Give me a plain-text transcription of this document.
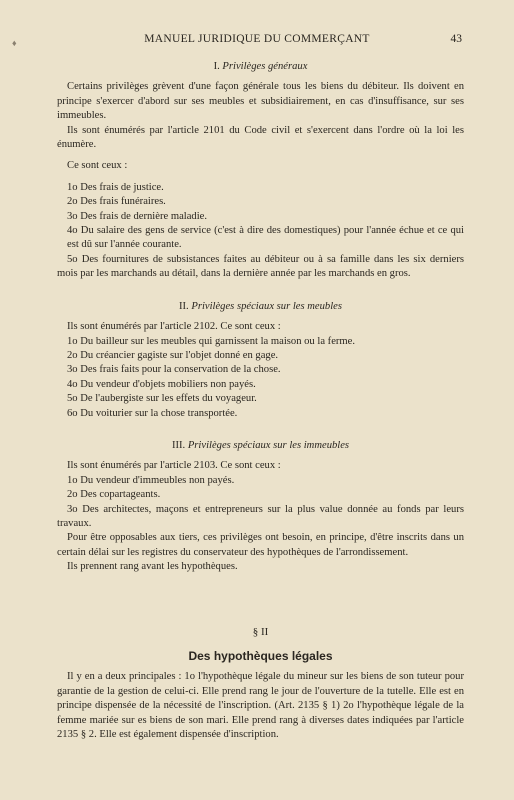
♦	MANUEL JURIDIQUE DU COMMERÇANT	43
I. Privilèges généraux

Certains privilèges grèvent d'une façon générale tous les biens du débiteur. Ils doivent en principe s'exercer d'abord sur ses meubles et subsidiairement, en cas d'insuffisance, sur ses immeubles.

Ils sont énumérés par l'article 2101 du Code civil et s'exercent dans l'ordre où la loi les énumère.

Ce sont ceux :

1o Des frais de justice.

2o Des frais funéraires.

3o Des frais de dernière maladie.

4o Du salaire des gens de service (c'est à dire des domestiques) pour l'année échue et ce qui est dû sur l'année courante.

5o Des fournitures de subsistances faites au débiteur ou à sa famille dans les six derniers mois par les marchands au détail, dans la dernière année par les marchands en gros.

II. Privilèges spéciaux sur les meubles

Ils sont énumérés par l'article 2102. Ce sont ceux :

1o Du bailleur sur les meubles qui garnissent la maison ou la ferme.

2o Du créancier gagiste sur l'objet donné en gage.

3o Des frais faits pour la conservation de la chose.

4o Du vendeur d'objets mobiliers non payés.

5o De l'aubergiste sur les effets du voyageur.

6o Du voiturier sur la chose transportée.

III. Privilèges spéciaux sur les immeubles

Ils sont énumérés par l'article 2103. Ce sont ceux :

1o Du vendeur d'immeubles non payés.

2o Des copartageants.

3o Des architectes, maçons et entrepreneurs sur la plus value donnée au fonds par leurs travaux.

Pour être opposables aux tiers, ces privilèges ont besoin, en principe, d'être inscrits dans un certain délai sur les registres du conservateur des hypothèques de l'arrondissement.

Ils prennent rang avant les hypothèques.

§ II

Des hypothèques légales

Il y en a deux principales : 1o l'hypothèque légale du mineur sur les biens de son tuteur pour garantie de la gestion de celui-ci. Elle prend rang le jour de l'ouverture de la tutelle. Elle est en principe dispensée de la nécessité de l'inscription. (Art. 2135 § 1) 2o l'hypothèque légale de la femme mariée sur es biens de son mari. Elle prend rang à diverses dates indiquées par l'article 2135 § 2. Elle est également dispensée d'inscription.
